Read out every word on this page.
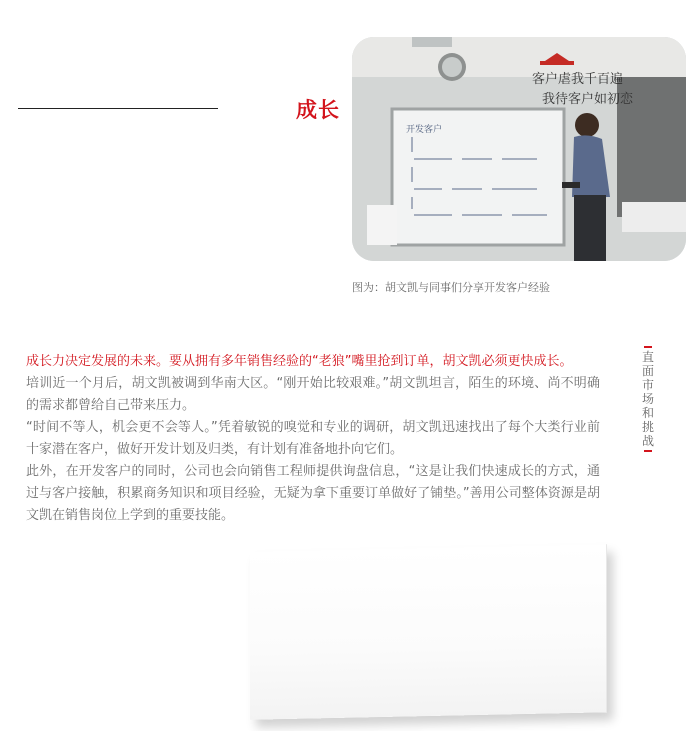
成长
客户虐我千百遍
我待客户如初恋
开发客户
图为：胡文凯与同事们分享开发客户经验
直面市场和挑战

成长力决定发展的未来。要从拥有多年销售经验的“老狼”嘴里抢到订单，胡文凯必须更快成长。

培训近一个月后，胡文凯被调到华南大区。“刚开始比较艰难。”胡文凯坦言，陌生的环境、尚不明确的需求都曾给自己带来压力。

“时间不等人，机会更不会等人。”凭着敏锐的嗅觉和专业的调研，胡文凯迅速找出了每个大类行业前十家潜在客户，做好开发计划及归类，有计划有准备地扑向它们。

此外，在开发客户的同时，公司也会向销售工程师提供询盘信息，“这是让我们快速成长的方式，通过与客户接触，积累商务知识和项目经验，无疑为拿下重要订单做好了铺垫。”善用公司整体资源是胡文凯在销售岗位上学到的重要技能。
